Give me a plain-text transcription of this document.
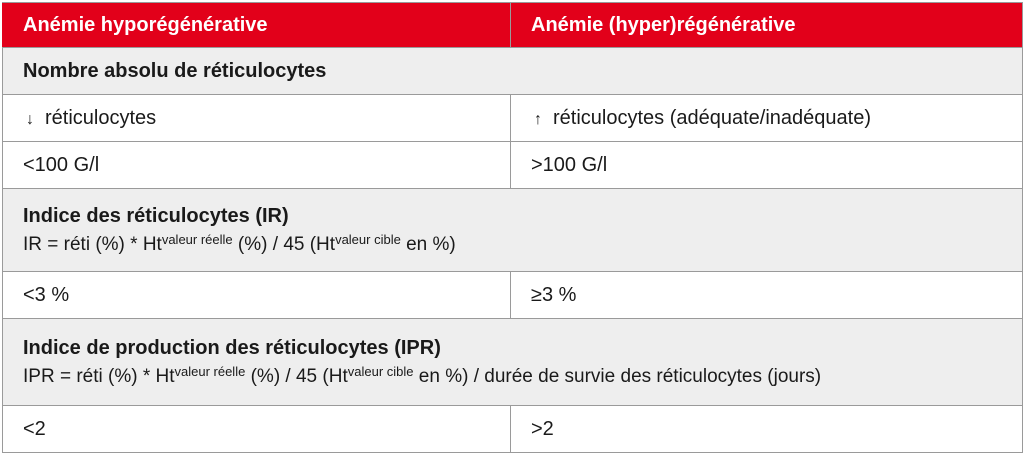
Anémie hyporégénérative	Anémie (hyper)régénérative
Nombre absolu de réticulocytes	
↓ réticulocytes	↑ réticulocytes (adéquate/inadéquate)
<100 G/l	>100 G/l

Indice des réticulocytes (IR)
IR = réti (%) * $Ht^{valeur réelle}$ (%) / 45 ($Ht^{valeur cible}$ en %)	

<3 %	≥3 %

Indice de production des réticulocytes (IPR)
IPR = réti (%) * $Ht^{valeur réelle}$ (%) / 45 ($Ht^{valeur cible}$ en %) / durée de survie des réticulocytes (jours)	

<2	>2
